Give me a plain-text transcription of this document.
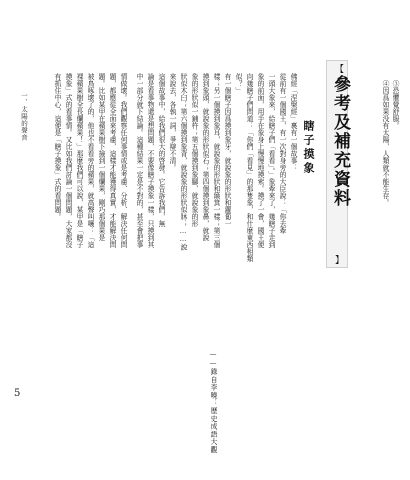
③恐懼覺舒服。
④因爲如果没有太陽，人類就不能生存。
【
參考及補充資料
】
瞎子摸象
佛經「涅槃經」裏有一個故事：
從前有一個國王，有一次對身旁的大臣說：「你去牽
一頭大象來，給瞎子們「看看」。」象牽來了，幾瞎子走到
象的前面，用手在象身上慢慢地摸索。摸了一會，國王便
向幾瞎子們問道：「你們「看見」的那隻象，和什麼東西相類
似？」
有一個瞎子因爲摸到象牙，就說象的形狀和蘿蔔一
樣；另一個摸到象耳，就說象的形狀和簸箕一樣；第三個
摸到象頭，就說象的形狀似石；第四個摸到象鼻，就說
象的形狀似一鋪杵；第五個摸到象腳，就說象的形
狀似木臼；第六個摸到象背，就說象的形狀似牀；……說
來說去，各執一詞，爭辯不清。
這個故事中，給我們很大的啓發。它告訴我們，無
論是看事物還是想問題，不要像瞎子摸象一樣，只摸到其
中一部分就下結論。這種結果一定是不對的，甚至會把事
情做壞。我們觀察任何事情或是考慮、分析、解決任何問
題，都應從全面來考慮，這樣才能獲得真實，才能解決問
題。比如某甲在蘋果樹下撿到一個爛果，剛巧那個果是
被鳥啄壞了的，他也不看看旁的蘋果，就高聲叫嚷：「這
裸蘋果樹全長爛蘋果！」那麼我們可以說，某甲是「瞎子
摸象」式的看事情。又比如我們討論一個問題，大家都沒
有抓住中心，這便是「瞎子摸象」式的看問題。
——錄自李曉：歷史成語大觀
一、太陽的聲音
5
